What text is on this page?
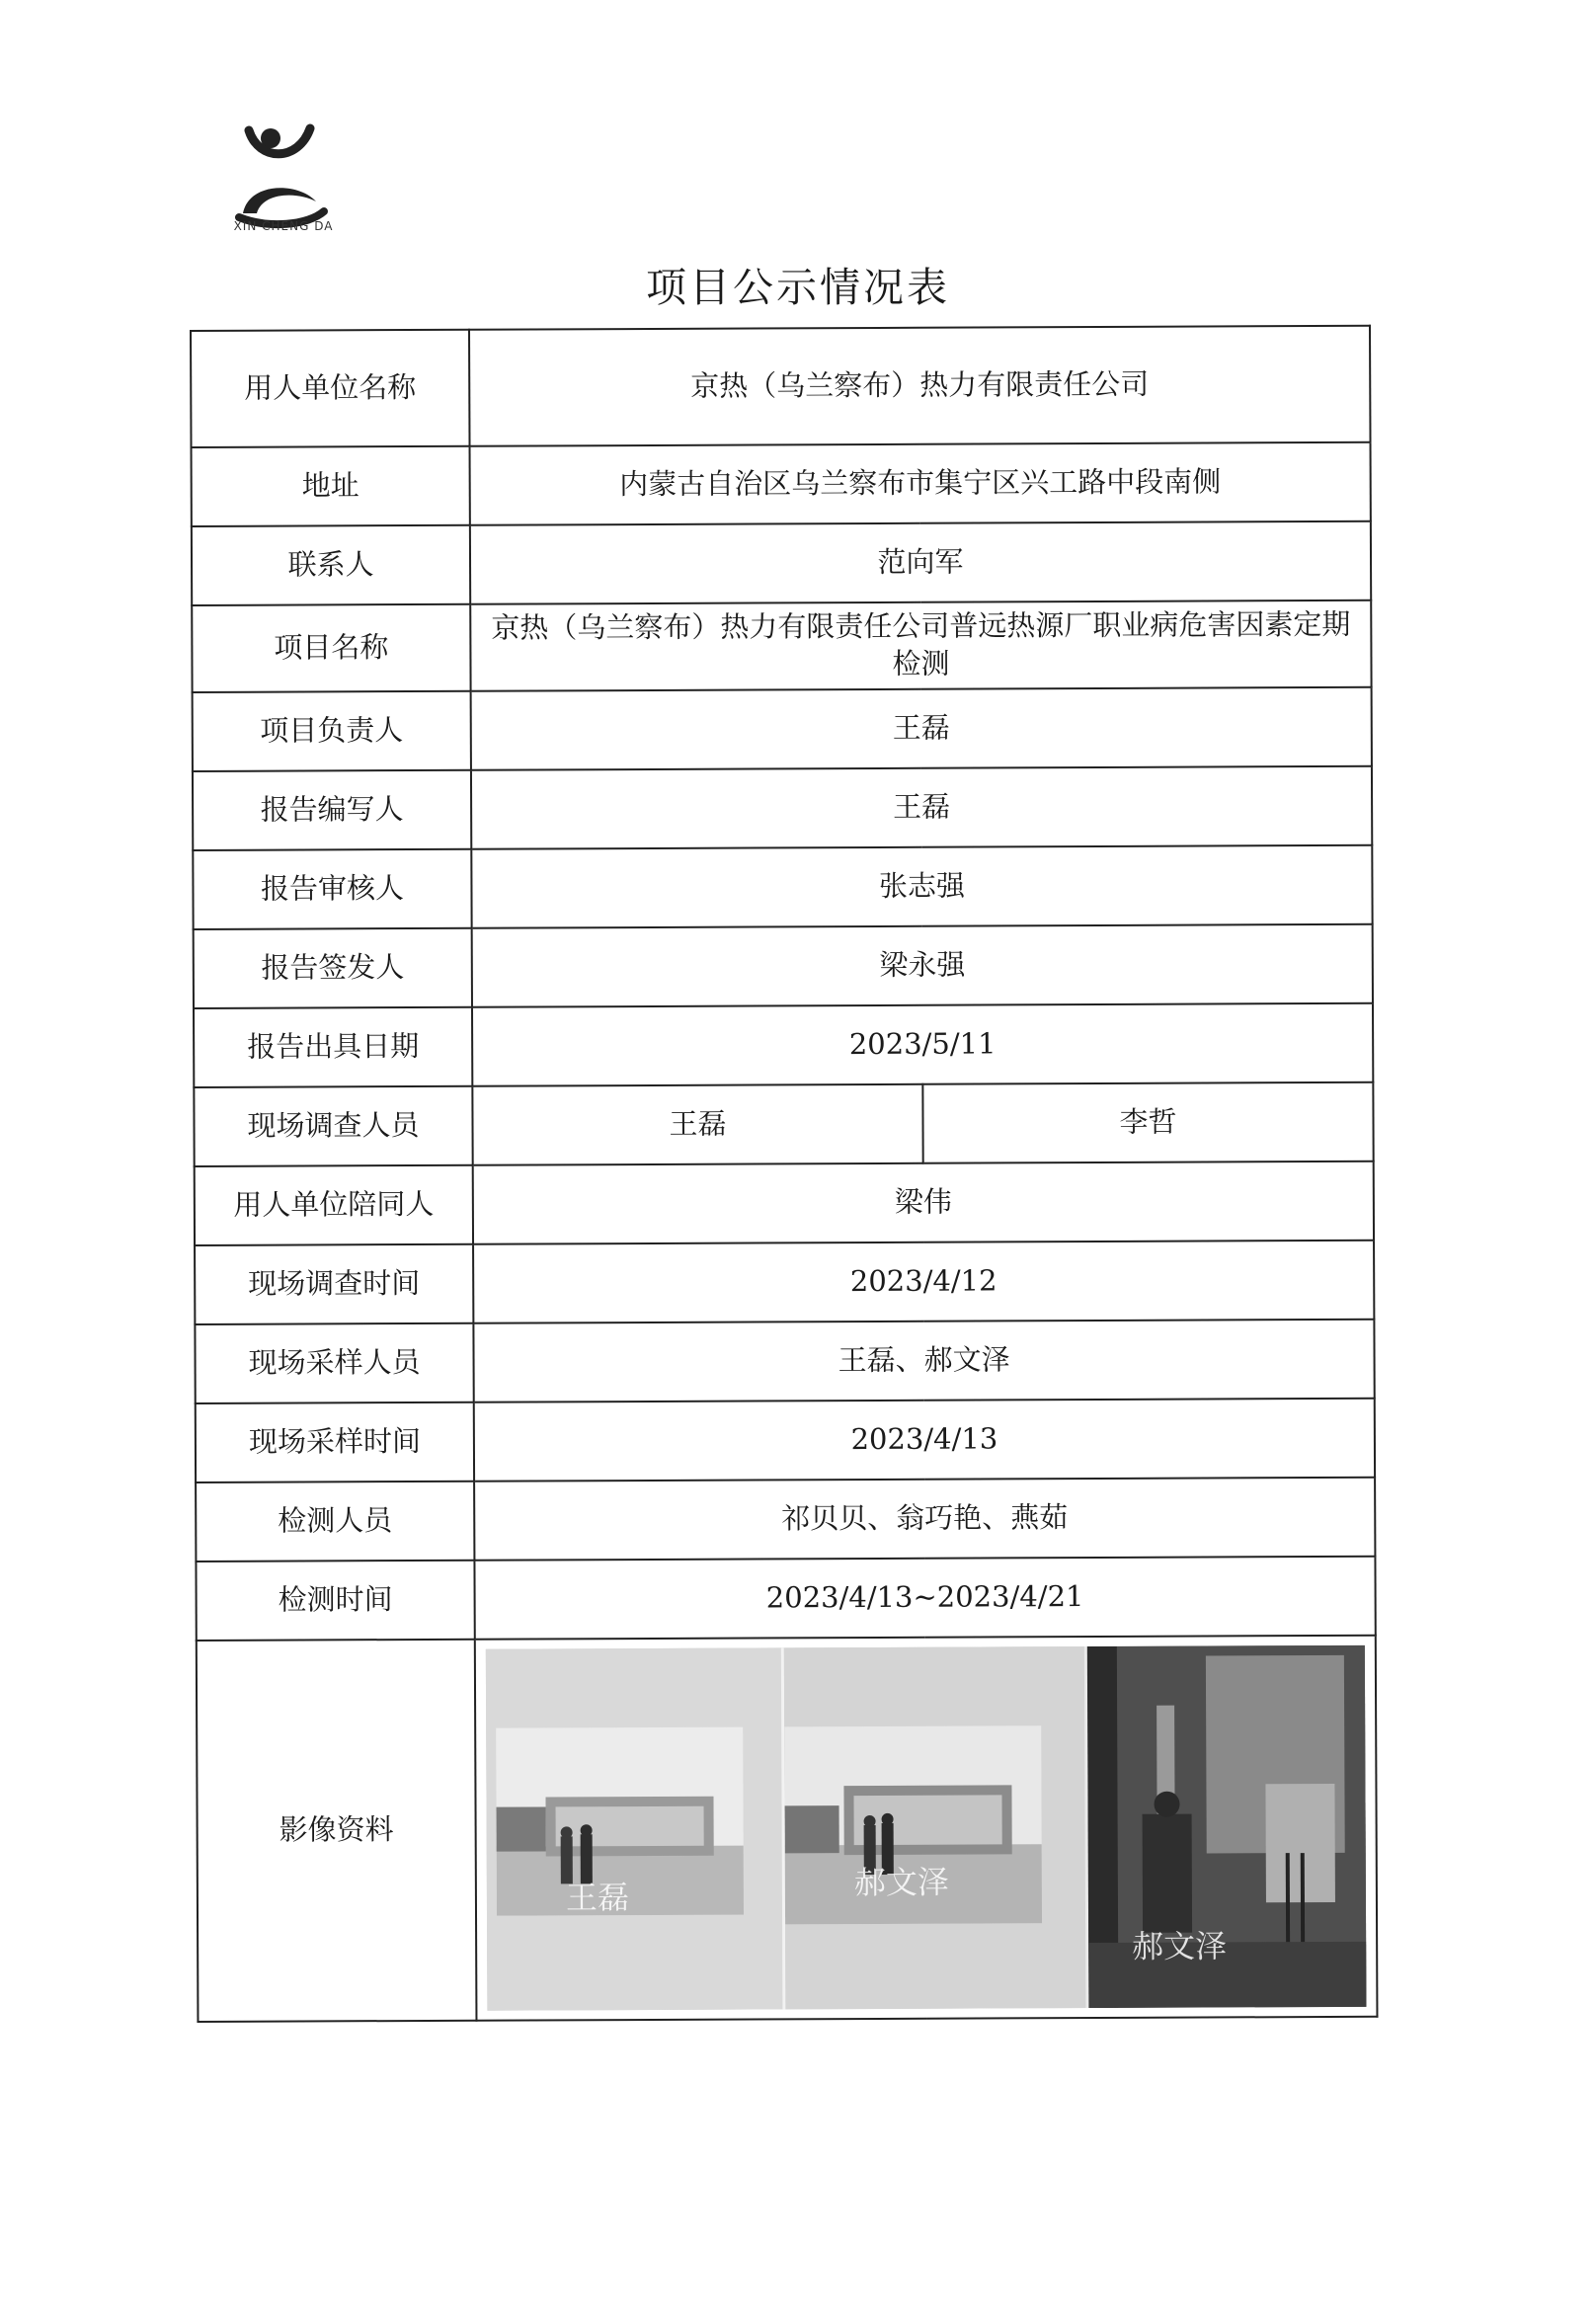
XIN CHENG DA
项目公示情况表
用人单位名称	京热（乌兰察布）热力有限责任公司	
地址	内蒙古自治区乌兰察布市集宁区兴工路中段南侧	
联系人	范向军	
项目名称	京热（乌兰察布）热力有限责任公司普远热源厂职业病危害因素定期检测	
项目负责人	王磊	
报告编写人	王磊	
报告审核人	张志强	
报告签发人	梁永强	
报告出具日期	2023/5/11	
现场调查人员	王磊	李哲
用人单位陪同人	梁伟	
现场调查时间	2023/4/12	
现场采样人员	王磊、郝文泽	
现场采样时间	2023/4/13	
检测人员	祁贝贝、翁巧艳、燕茹	
检测时间	2023/4/13~2023/4/21	
影像资料	王磊 郝文泽
郝文泽	
